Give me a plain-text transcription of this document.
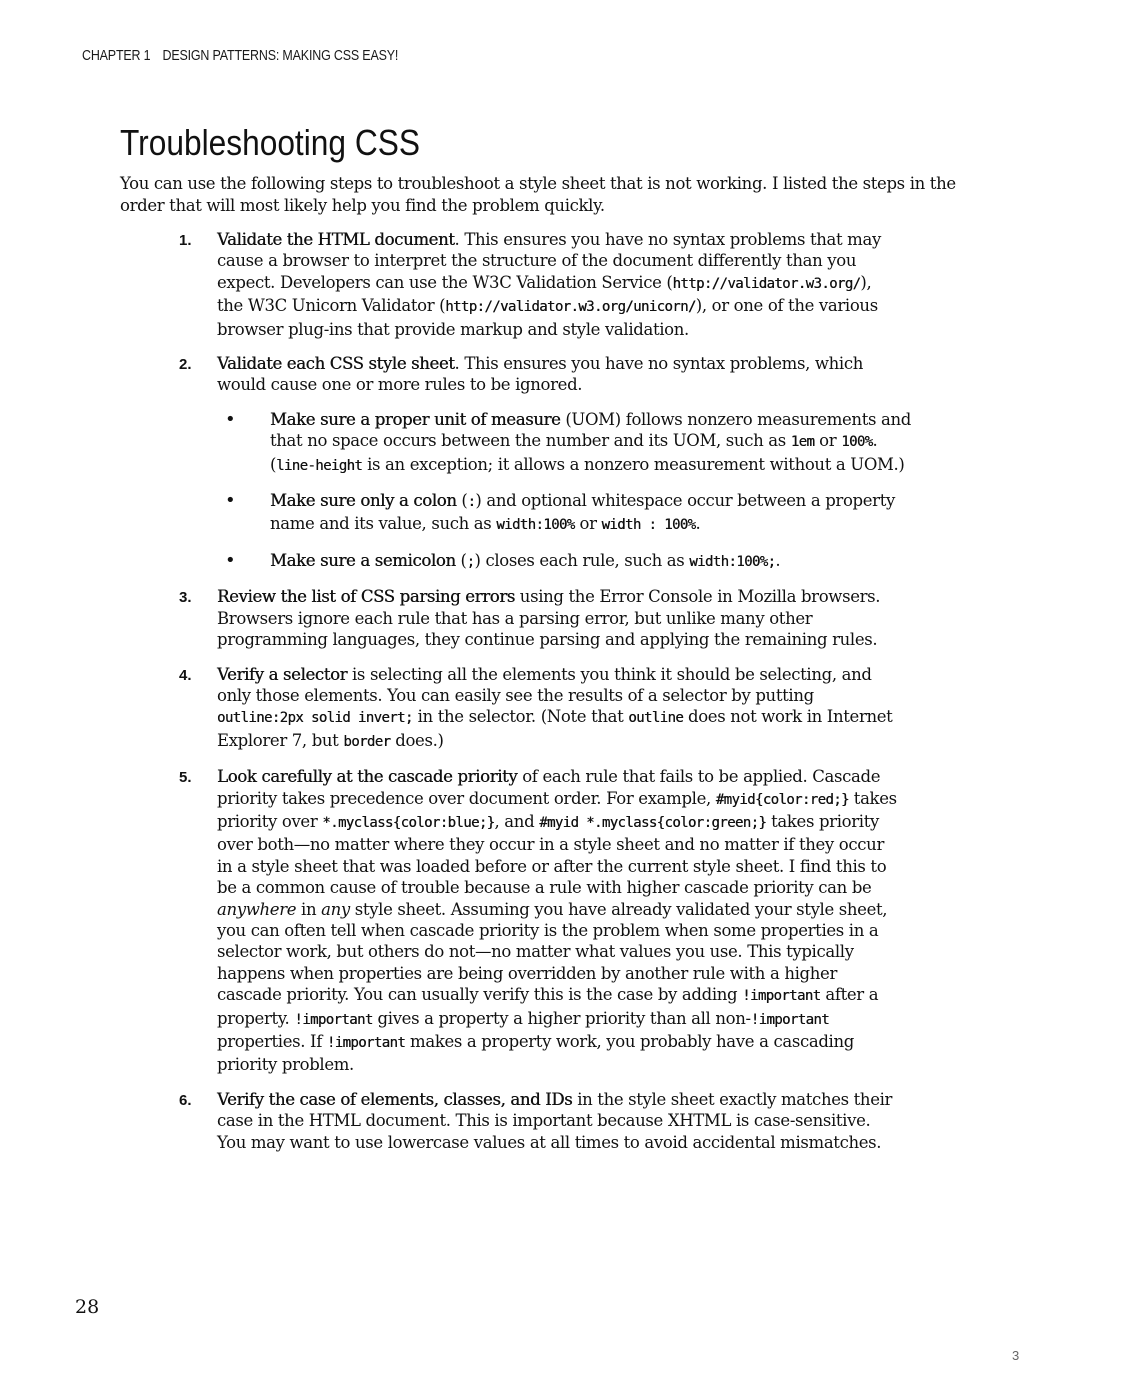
CHAPTER 1 DESIGN PATTERNS: MAKING CSS EASY!
Troubleshooting CSS

You can use the following steps to troubleshoot a style sheet that is not working. I listed the steps in the order that will most likely help you find the problem quickly.

1. Validate the HTML document. This ensures you have no syntax problems that may cause a browser to interpret the structure of the document differently than you expect. Developers can use the W3C Validation Service (http://validator.w3.org/), the W3C Unicorn Validator (http://validator.w3.org/unicorn/), or one of the various browser plug-ins that provide markup and style validation.
2. Validate each CSS style sheet. This ensures you have no syntax problems, which would cause one or more rules to be ignored.
• Make sure a proper unit of measure (UOM) follows nonzero measurements and that no space occurs between the number and its UOM, such as 1em or 100%. (line-height is an exception; it allows a nonzero measurement without a UOM.)
• Make sure only a colon (:) and optional whitespace occur between a property name and its value, such as width:100% or width : 100%.
• Make sure a semicolon (;) closes each rule, such as width:100%;.
3. Review the list of CSS parsing errors using the Error Console in Mozilla browsers. Browsers ignore each rule that has a parsing error, but unlike many other programming languages, they continue parsing and applying the remaining rules.
4. Verify a selector is selecting all the elements you think it should be selecting, and only those elements. You can easily see the results of a selector by putting outline:2px solid invert; in the selector. (Note that outline does not work in Internet Explorer 7, but border does.)
5. Look carefully at the cascade priority of each rule that fails to be applied. Cascade priority takes precedence over document order. For example, #myid{color:red;} takes priority over *.myclass{color:blue;}, and #myid *.myclass{color:green;} takes priority over both—no matter where they occur in a style sheet and no matter if they occur in a style sheet that was loaded before or after the current style sheet. I find this to be a common cause of trouble because a rule with higher cascade priority can be anywhere in any style sheet. Assuming you have already validated your style sheet, you can often tell when cascade priority is the problem when some properties in a selector work, but others do not—no matter what values you use. This typically happens when properties are being overridden by another rule with a higher cascade priority. You can usually verify this is the case by adding !important after a property. !important gives a property a higher priority than all non-!important properties. If !important makes a property work, you probably have a cascading priority problem.
6. Verify the case of elements, classes, and IDs in the style sheet exactly matches their case in the HTML document. This is important because XHTML is case-sensitive. You may want to use lowercase values at all times to avoid accidental mismatches.
28
3
